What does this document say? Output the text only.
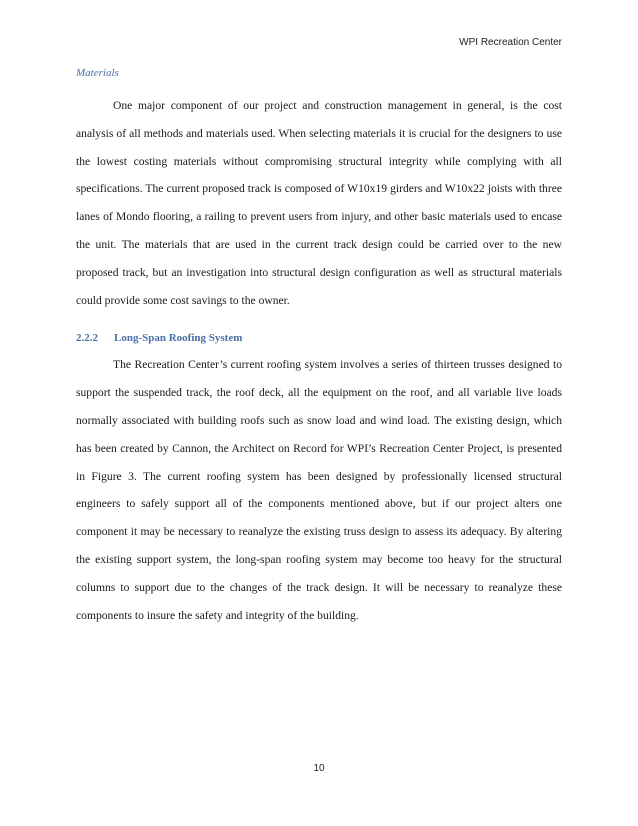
WPI Recreation Center
Materials

One major component of our project and construction management in general, is the cost analysis of all methods and materials used. When selecting materials it is crucial for the designers to use the lowest costing materials without compromising structural integrity while complying with all specifications. The current proposed track is composed of W10x19 girders and W10x22 joists with three lanes of Mondo flooring, a railing to prevent users from injury, and other basic materials used to encase the unit. The materials that are used in the current track design could be carried over to the new proposed track, but an investigation into structural design configuration as well as structural materials could provide some cost savings to the owner.

2.2.2 Long-Span Roofing System

The Recreation Center’s current roofing system involves a series of thirteen trusses designed to support the suspended track, the roof deck, all the equipment on the roof, and all variable live loads normally associated with building roofs such as snow load and wind load. The existing design, which has been created by Cannon, the Architect on Record for WPI’s Recreation Center Project, is presented in Figure 3. The current roofing system has been designed by professionally licensed structural engineers to safely support all of the components mentioned above, but if our project alters one component it may be necessary to reanalyze the existing truss design to assess its adequacy. By altering the existing support system, the long-span roofing system may become too heavy for the structural columns to support due to the changes of the track design. It will be necessary to reanalyze these components to insure the safety and integrity of the building.

10
